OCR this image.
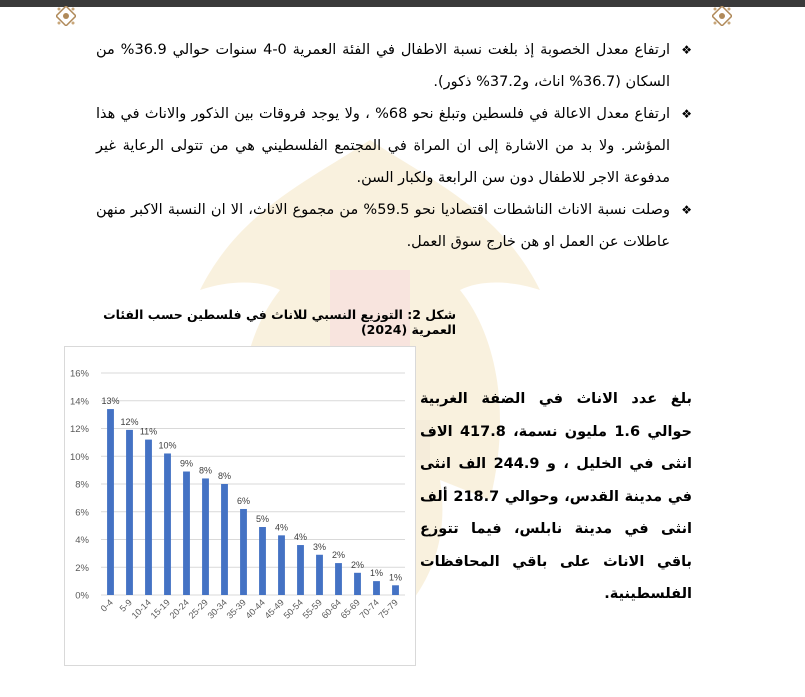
❖
ارتفاع معدل الخصوبة إذ بلغت نسبة الاطفال في الفئة العمرية 0-4 سنوات حوالي 36.9% من السكان (36.7% اناث، و37.2% ذكور).
❖
ارتفاع معدل الاعالة في فلسطين وتبلغ نحو 68% ، ولا يوجد فروقات بين الذكور والاناث في هذا المؤشر. ولا بد من الاشارة إلى ان المراة في المجتمع الفلسطيني هي من تتولى الرعاية غير مدفوعة الاجر للاطفال دون سن الرابعة ولكبار السن.
❖
وصلت نسبة الاناث الناشطات اقتصاديا نحو 59.5% من مجموع الاناث، الا ان النسبة الاكبر منهن عاطلات عن العمل او هن خارج سوق العمل.
شكل 2: التوزيع النسبي للاناث في فلسطين حسب الفئات العمرية (2024)
0%
2%
4%
6%
8%
10%
12%
14%
16%
13%
0-4
12%
5-9
11%
10-14
10%
15-19
9%
20-24
8%
25-29
8%
30-34
6%
35-39
5%
40-44
4%
45-49
4%
50-54
3%
55-59
2%
60-64
2%
65-69
1%
70-74
1%
75-79
بلغ عدد الاناث في الضفة الغربية حوالي 1.6 مليون نسمة، 417.8 الاف انثى في الخليل ، و 244.9 الف انثى في مدينة القدس، وحوالي 218.7 ألف انثى في مدينة نابلس، فيما تتوزع باقي الاناث على باقي المحافظات الفلسطينية.
